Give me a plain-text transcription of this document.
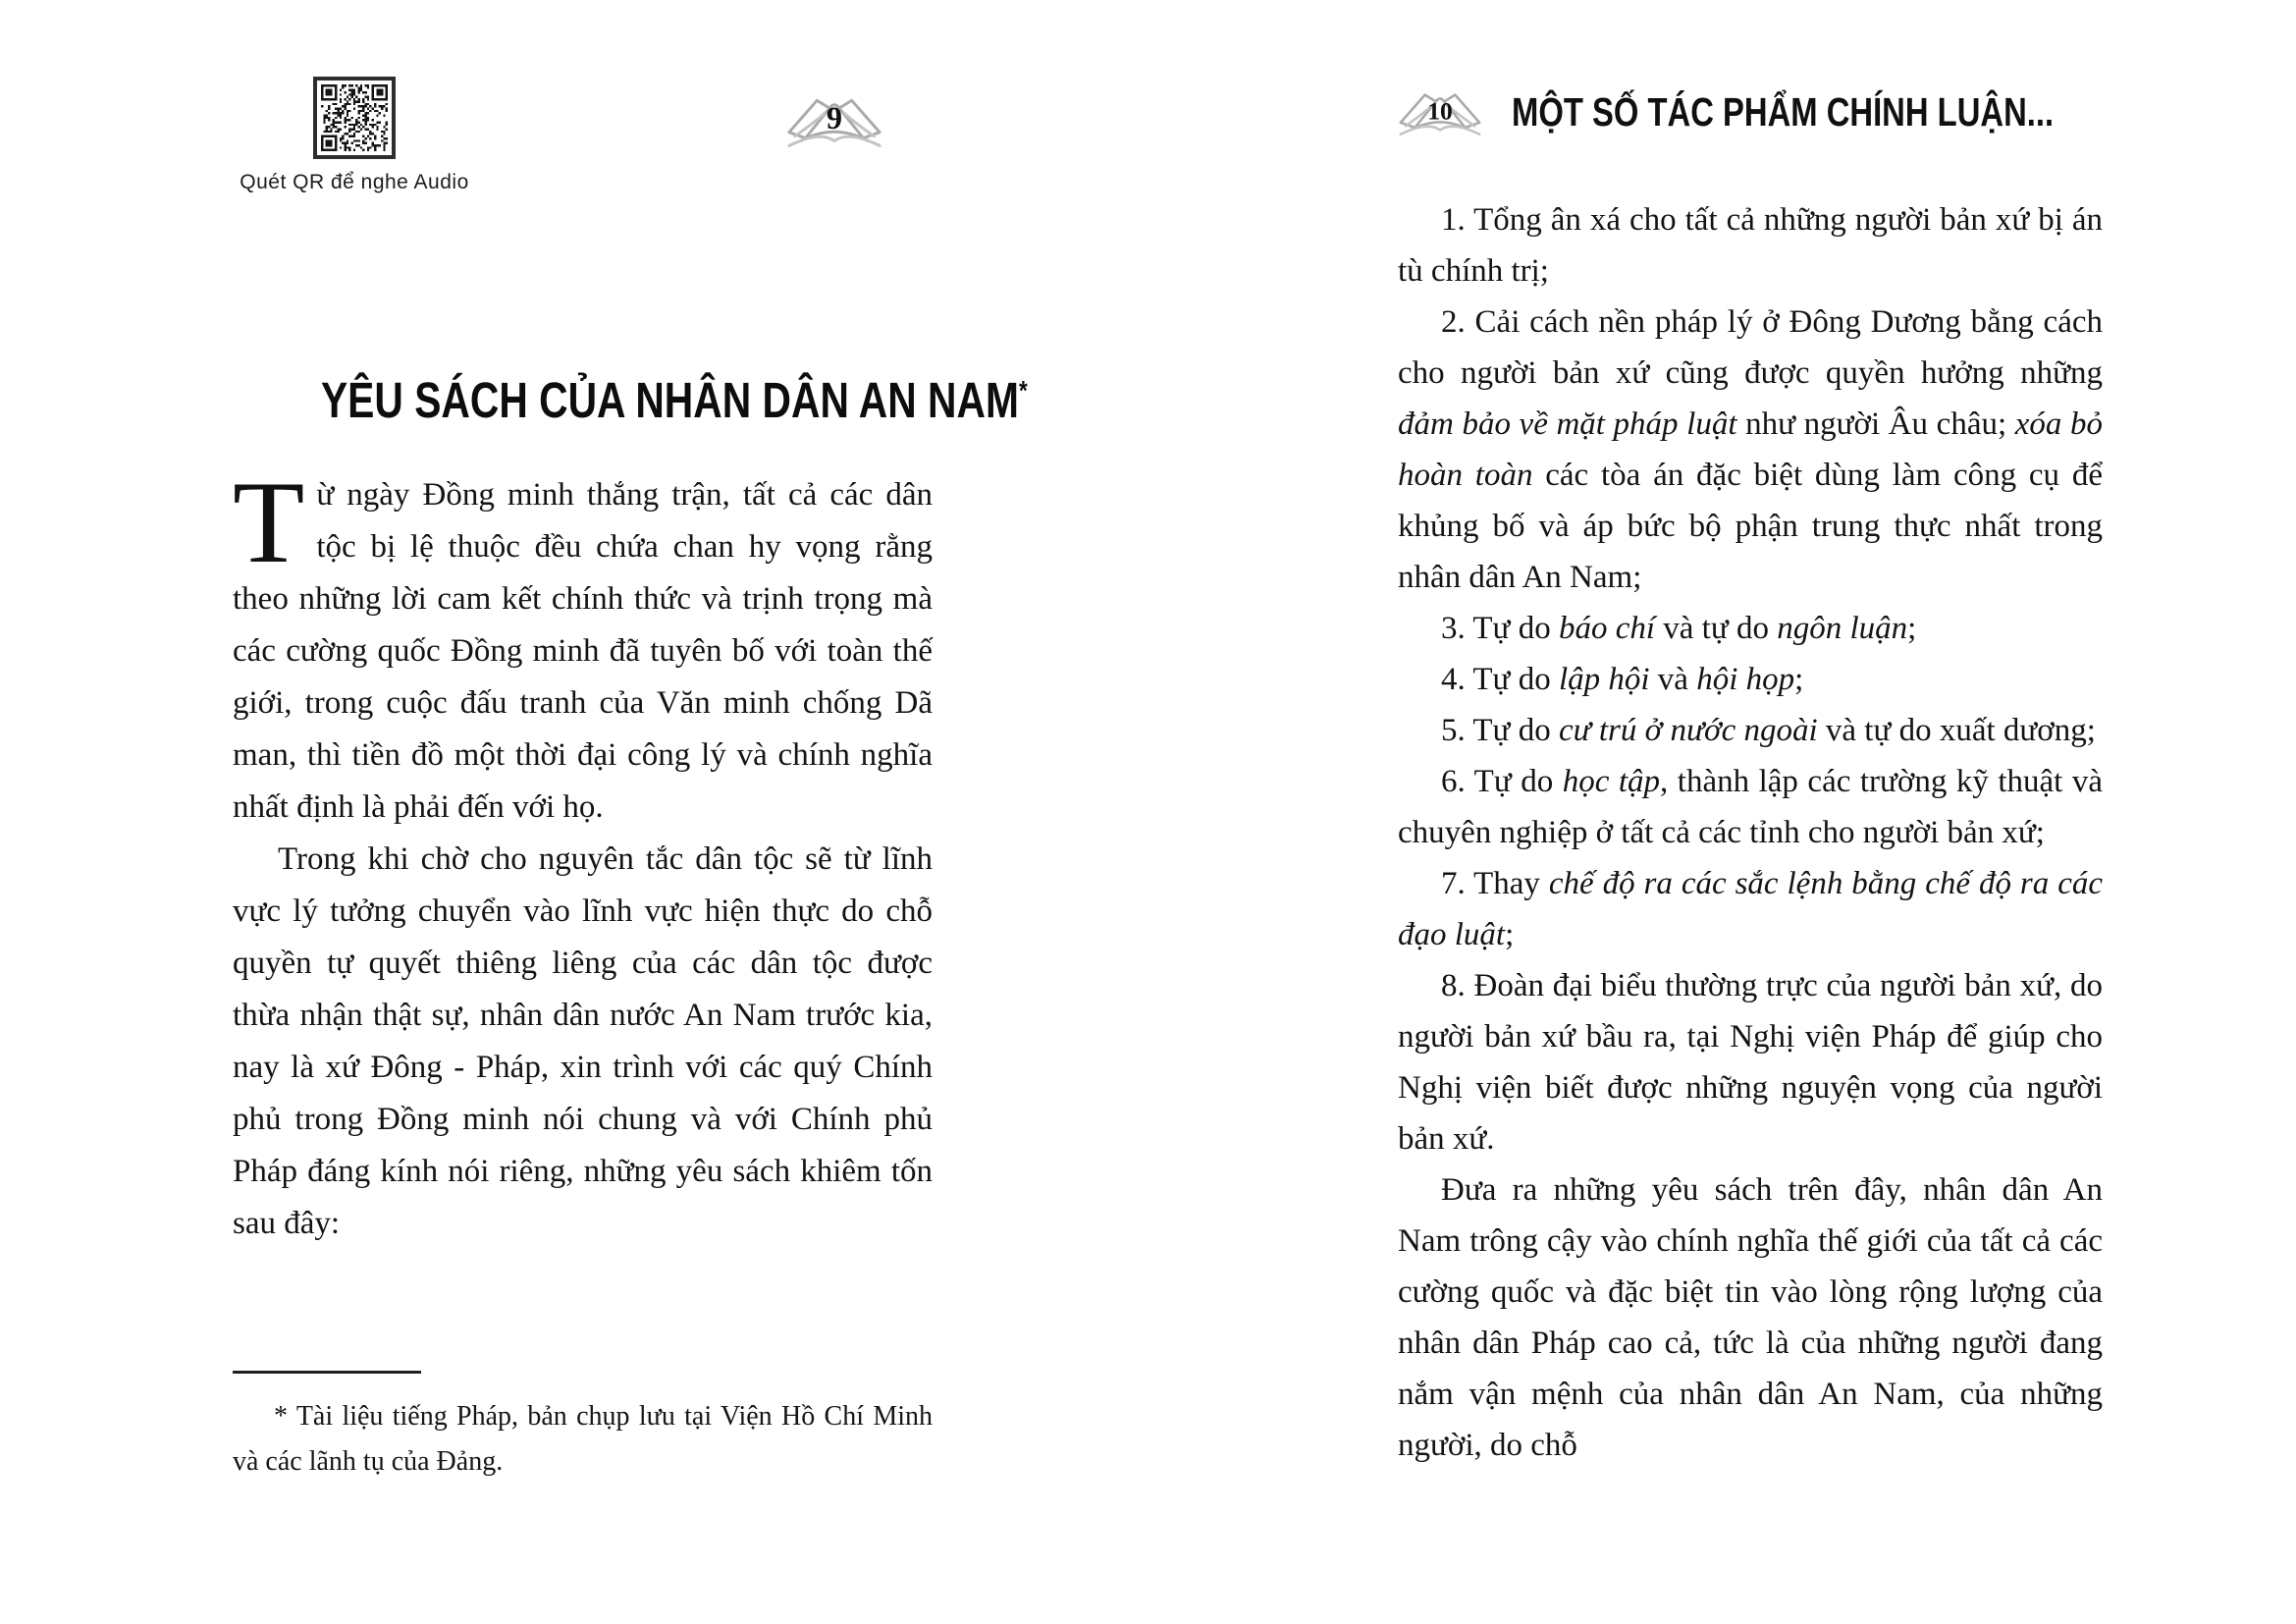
Quét QR để nghe Audio
9
YÊU SÁCH CỦA NHÂN DÂN AN NAM*

Từ ngày Đồng minh thắng trận, tất cả các dân tộc bị lệ thuộc đều chứa chan hy vọng rằng theo những lời cam kết chính thức và trịnh trọng mà các cường quốc Đồng minh đã tuyên bố với toàn thế giới, trong cuộc đấu tranh của Văn minh chống Dã man, thì tiền đồ một thời đại công lý và chính nghĩa nhất định là phải đến với họ.

Trong khi chờ cho nguyên tắc dân tộc sẽ từ lĩnh vực lý tưởng chuyển vào lĩnh vực hiện thực do chỗ quyền tự quyết thiêng liêng của các dân tộc được thừa nhận thật sự, nhân dân nước An Nam trước kia, nay là xứ Đông - Pháp, xin trình với các quý Chính phủ trong Đồng minh nói chung và với Chính phủ Pháp đáng kính nói riêng, những yêu sách khiêm tốn sau đây:

* Tài liệu tiếng Pháp, bản chụp lưu tại Viện Hồ Chí Minh và các lãnh tụ của Đảng.
10 MỘT SỐ TÁC PHẨM CHÍNH LUẬN...

1. Tổng ân xá cho tất cả những người bản xứ bị án tù chính trị;

2. Cải cách nền pháp lý ở Đông Dương bằng cách cho người bản xứ cũng được quyền hưởng những đảm bảo về mặt pháp luật như người Âu châu; xóa bỏ hoàn toàn các tòa án đặc biệt dùng làm công cụ để khủng bố và áp bức bộ phận trung thực nhất trong nhân dân An Nam;

3. Tự do báo chí và tự do ngôn luận;

4. Tự do lập hội và hội họp;

5. Tự do cư trú ở nước ngoài và tự do xuất dương;

6. Tự do học tập, thành lập các trường kỹ thuật và chuyên nghiệp ở tất cả các tỉnh cho người bản xứ;

7. Thay chế độ ra các sắc lệnh bằng chế độ ra các đạo luật;

8. Đoàn đại biểu thường trực của người bản xứ, do người bản xứ bầu ra, tại Nghị viện Pháp để giúp cho Nghị viện biết được những nguyện vọng của người bản xứ.

Đưa ra những yêu sách trên đây, nhân dân An Nam trông cậy vào chính nghĩa thế giới của tất cả các cường quốc và đặc biệt tin vào lòng rộng lượng của nhân dân Pháp cao cả, tức là của những người đang nắm vận mệnh của nhân dân An Nam, của những người, do chỗ
